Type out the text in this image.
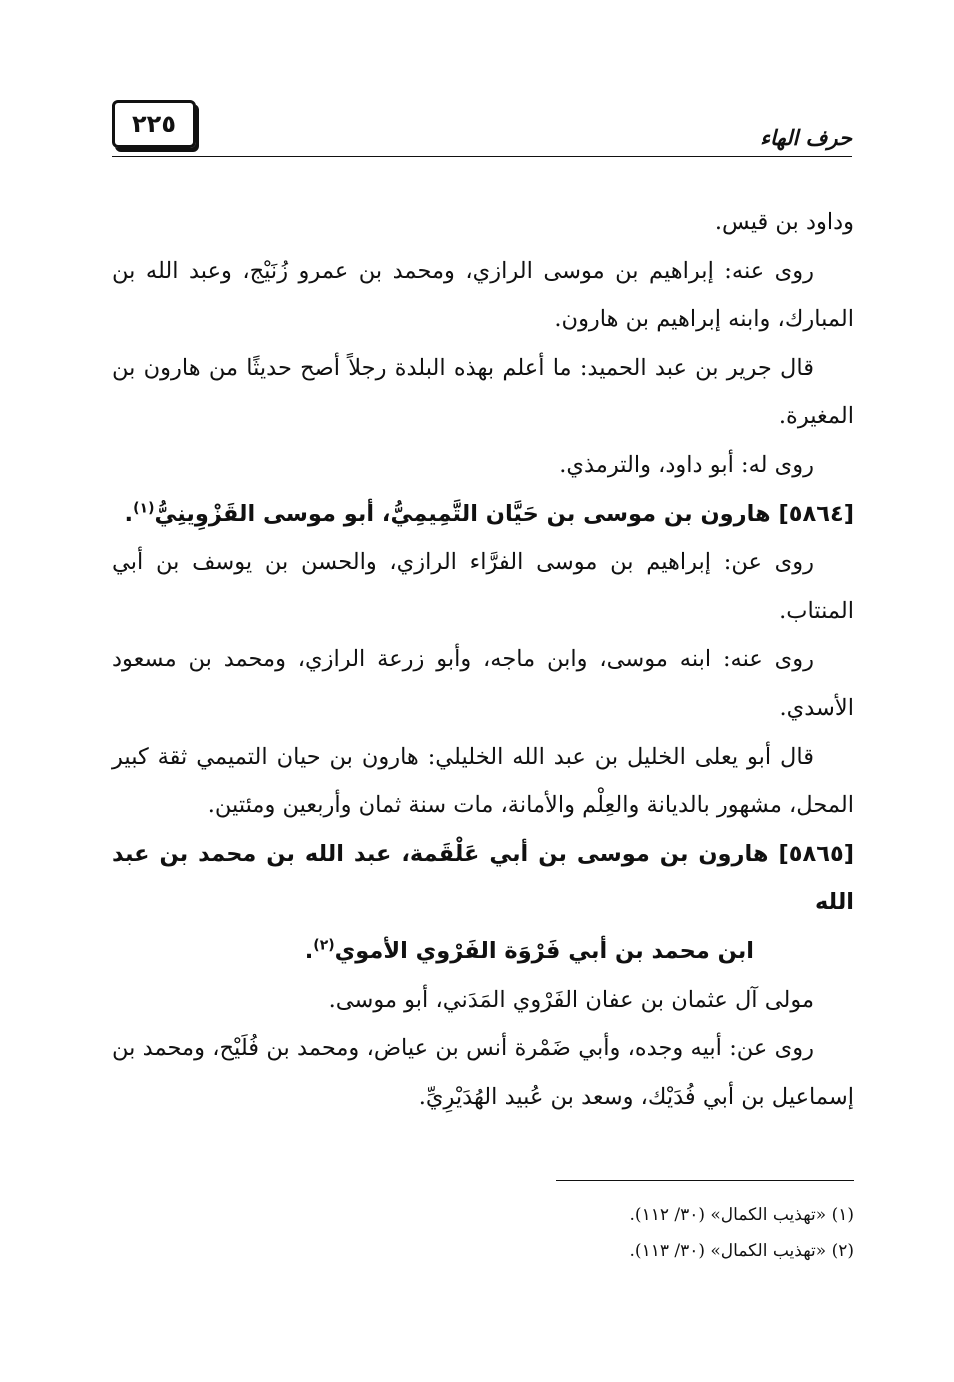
٢٢٥	حرف الهاء

وداود بن قيس.

روى عنه: إبراهيم بن موسى الرازي، ومحمد بن عمرو زُنَيْج، وعبد الله بن المبارك، وابنه إبراهيم بن هارون.

قال جرير بن عبد الحميد: ما أعلم بهذه البلدة رجلاً أصح حديثًا من هارون بن المغيرة.

روى له: أبو داود، والترمذي.

[٥٨٦٤] هارون بن موسى بن حَيَّان التَّمِيمِيُّ، أبو موسى القَزْوِينِيُّ$^{(١)}$.

روى عن: إبراهيم بن موسى الفرَّاء الرازي، والحسن بن يوسف بن أبي المنتاب.

روى عنه: ابنه موسى، وابن ماجه، وأبو زرعة الرازي، ومحمد بن مسعود الأسدي.

قال أبو يعلى الخليل بن عبد الله الخليلي: هارون بن حيان التميمي ثقة كبير المحل، مشهور بالديانة والعِلْم والأمانة، مات سنة ثمان وأربعين ومئتين.

[٥٨٦٥] هارون بن موسى بن أبي عَلْقَمة، عبد الله بن محمد بن عبد الله

ابن محمد بن أبي فَرْوَة الفَرْوي الأموي$^{(٢)}$.

مولى آل عثمان بن عفان الفَرْوي المَدَني، أبو موسى.

روى عن: أبيه وجده، وأبي ضَمْرة أنس بن عياض، ومحمد بن فُلَيْح، ومحمد بن إسماعيل بن أبي فُدَيْك، وسعد بن عُبيد الهُدَيْرِيِّ.

(١) «تهذيب الكمال» (٣٠/ ١١٢).

(٢) «تهذيب الكمال» (٣٠/ ١١٣).
